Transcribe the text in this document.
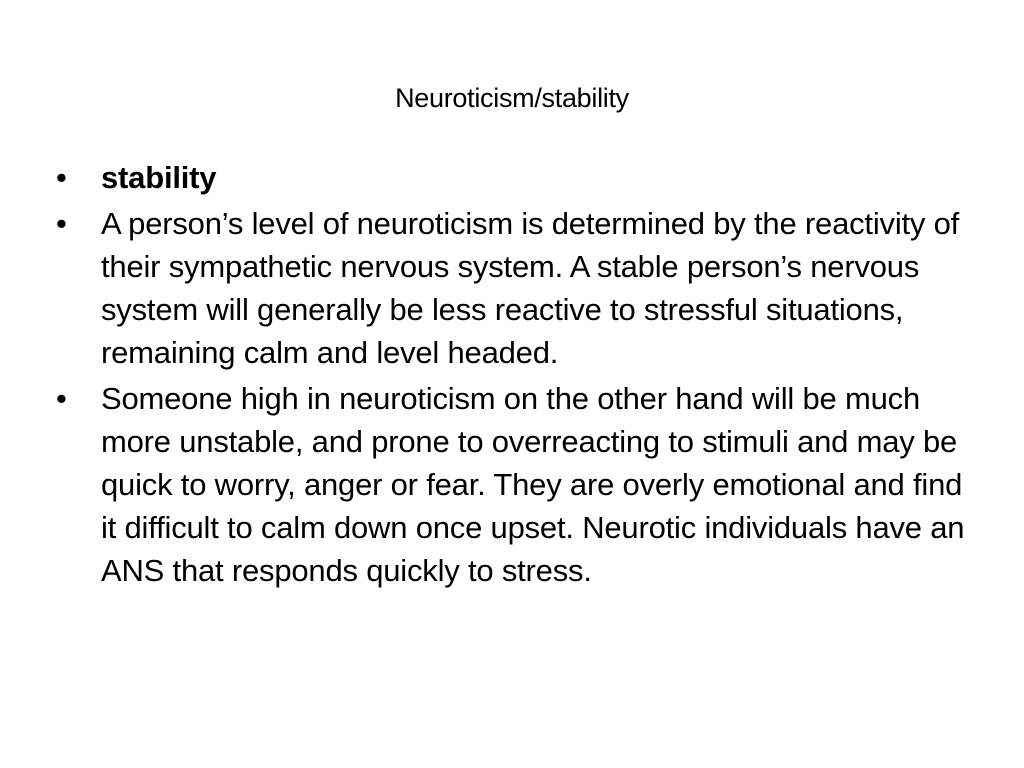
Neuroticism/stability
•	stability
•	A person’s level of neuroticism is determined by the reactivity of their sympathetic nervous system. A stable person’s nervous system will generally be less reactive to stressful situations, remaining calm and level headed.
•	Someone high in neuroticism on the other hand will be much more unstable, and prone to overreacting to stimuli and may be quick to worry, anger or fear. They are overly emotional and find it difficult to calm down once upset. Neurotic individuals have an ANS that responds quickly to stress.
